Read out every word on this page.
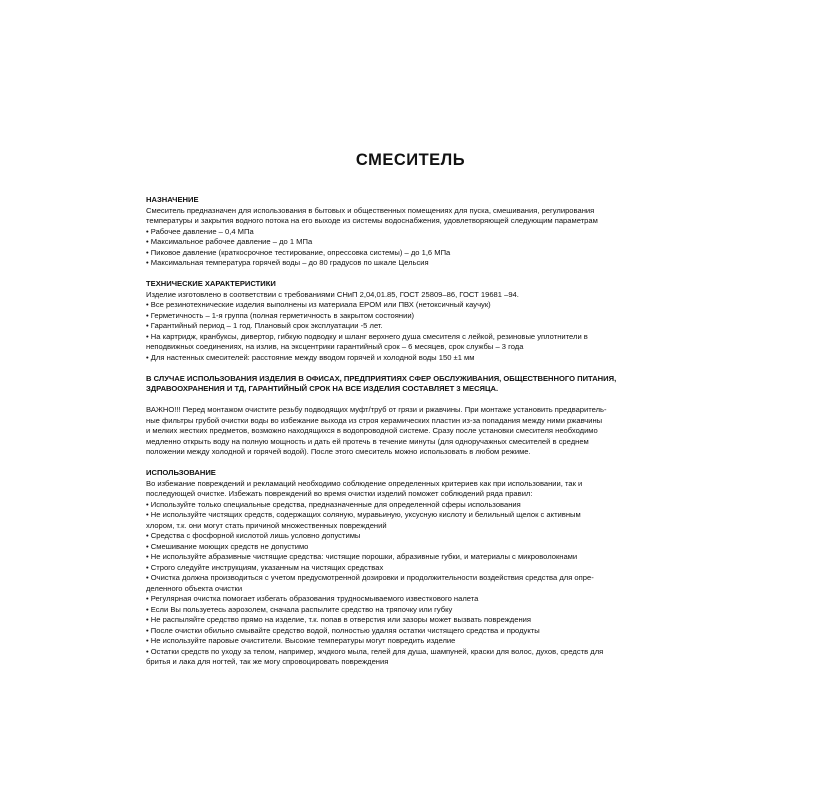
СМЕСИТЕЛЬ
НАЗНАЧЕНИЕ
Смеситель предназначен для использования в бытовых и общественных помещениях для пуска, смешивания, регулирования
температуры и закрытия водного потока на его выходе из системы водоснабжения, удовлетворяющей следующим параметрам
• Рабочее давление – 0,4 МПа
• Максимальное рабочее давление – до 1 МПа
• Пиковое давление (краткосрочное тестирование, опрессовка системы) – до 1,6 МПа
• Максимальная температура горячей воды – до 80 градусов по шкале Цельсия
ТЕХНИЧЕСКИЕ ХАРАКТЕРИСТИКИ
Изделие изготовлено в соответствии с требованиями СНиП 2,04,01.85, ГОСТ 25809–86, ГОСТ 19681 –94.
• Все резинотехнические изделия выполнены из материала EPOM или ПВХ (нетоксичный каучук)
• Герметичность – 1-я группа (полная герметичность в закрытом состоянии)
• Гарантийный период – 1 год. Плановый срок эксплуатации -5 лет.
• На картридж, кранбуксы, дивертор, гибкую подводку и шланг верхнего душа смесителя с лейкой, резиновые уплотнители в
неподвижных соединениях, на излив, на эксцентрики гарантийный срок – 6 месяцев, срок службы – 3 года
• Для настенных смесителей: расстояние между вводом горячей и холодной воды 150 ±1 мм
В СЛУЧАЕ ИСПОЛЬЗОВАНИЯ ИЗДЕЛИЯ В ОФИСАХ, ПРЕДПРИЯТИЯХ СФЕР ОБСЛУЖИВАНИЯ, ОБЩЕСТВЕННОГО ПИТАНИЯ,
ЗДРАВООХРАНЕНИЯ И ТД, ГАРАНТИЙНЫЙ СРОК НА ВСЕ ИЗДЕЛИЯ СОСТАВЛЯЕТ 3 МЕСЯЦА.
ВАЖНО!!! Перед монтажом очистите резьбу подводящих муфт/труб от грязи и ржавчины. При монтаже установить предваритель-
ные фильтры грубой очистки воды во избежание выхода из строя керамических пластин из-за попадания между ними ржавчины
и мелких жестких предметов, возможно находящихся в водопроводной системе. Сразу после установки смесителя необходимо
медленно открыть воду на полную мощность и дать ей протечь в течение минуты (для одноручажных смесителей в среднем
положении между холодной и горячей водой). После этого смеситель можно использовать в любом режиме.
ИСПОЛЬЗОВАНИЕ
Во избежание повреждений и рекламаций необходимо соблюдение определенных критериев как при использовании, так и
последующей очистке. Избежать повреждений во время очистки изделий поможет соблюдений ряда правил:
• Используйте только специальные средства, предназначенные для определенной сферы использования
• Не используйте чистящих средств, содержащих соляную, муравьиную, уксусную кислоту и белильный щелок с активным
хлором, т.к. они могут стать причиной множественных повреждений
• Средства с фосфорной кислотой лишь условно допустимы
• Смешивание моющих средств не допустимо
• Не используйте абразивные чистящие средства: чистящие порошки, абразивные губки, и материалы с микроволокнами
• Строго следуйте инструкциям, указанным на чистящих средствах
• Очистка должна производиться с учетом предусмотренной дозировки и продолжительности воздействия средства для опре-
деленного объекта очистки
• Регулярная очистка помогает избегать образования трудносмываемого известкового налета
• Если Вы пользуетесь аэрозолем, сначала распылите средство на тряпочку или губку
• Не распыляйте средство прямо на изделие, т.к. попав в отверстия или зазоры может вызвать повреждения
• После очистки обильно смывайте средство водой, полностью удаляя остатки чистящего средства и продукты
• Не используйте паровые очистители. Высокие температуры могут повредить изделие
• Остатки средств по уходу за телом, например, жчдкого мыла, гелей для душа, шампуней, краски для волос, духов, средств для
бритья и лака для ногтей, так же могу спровоцировать повреждения
